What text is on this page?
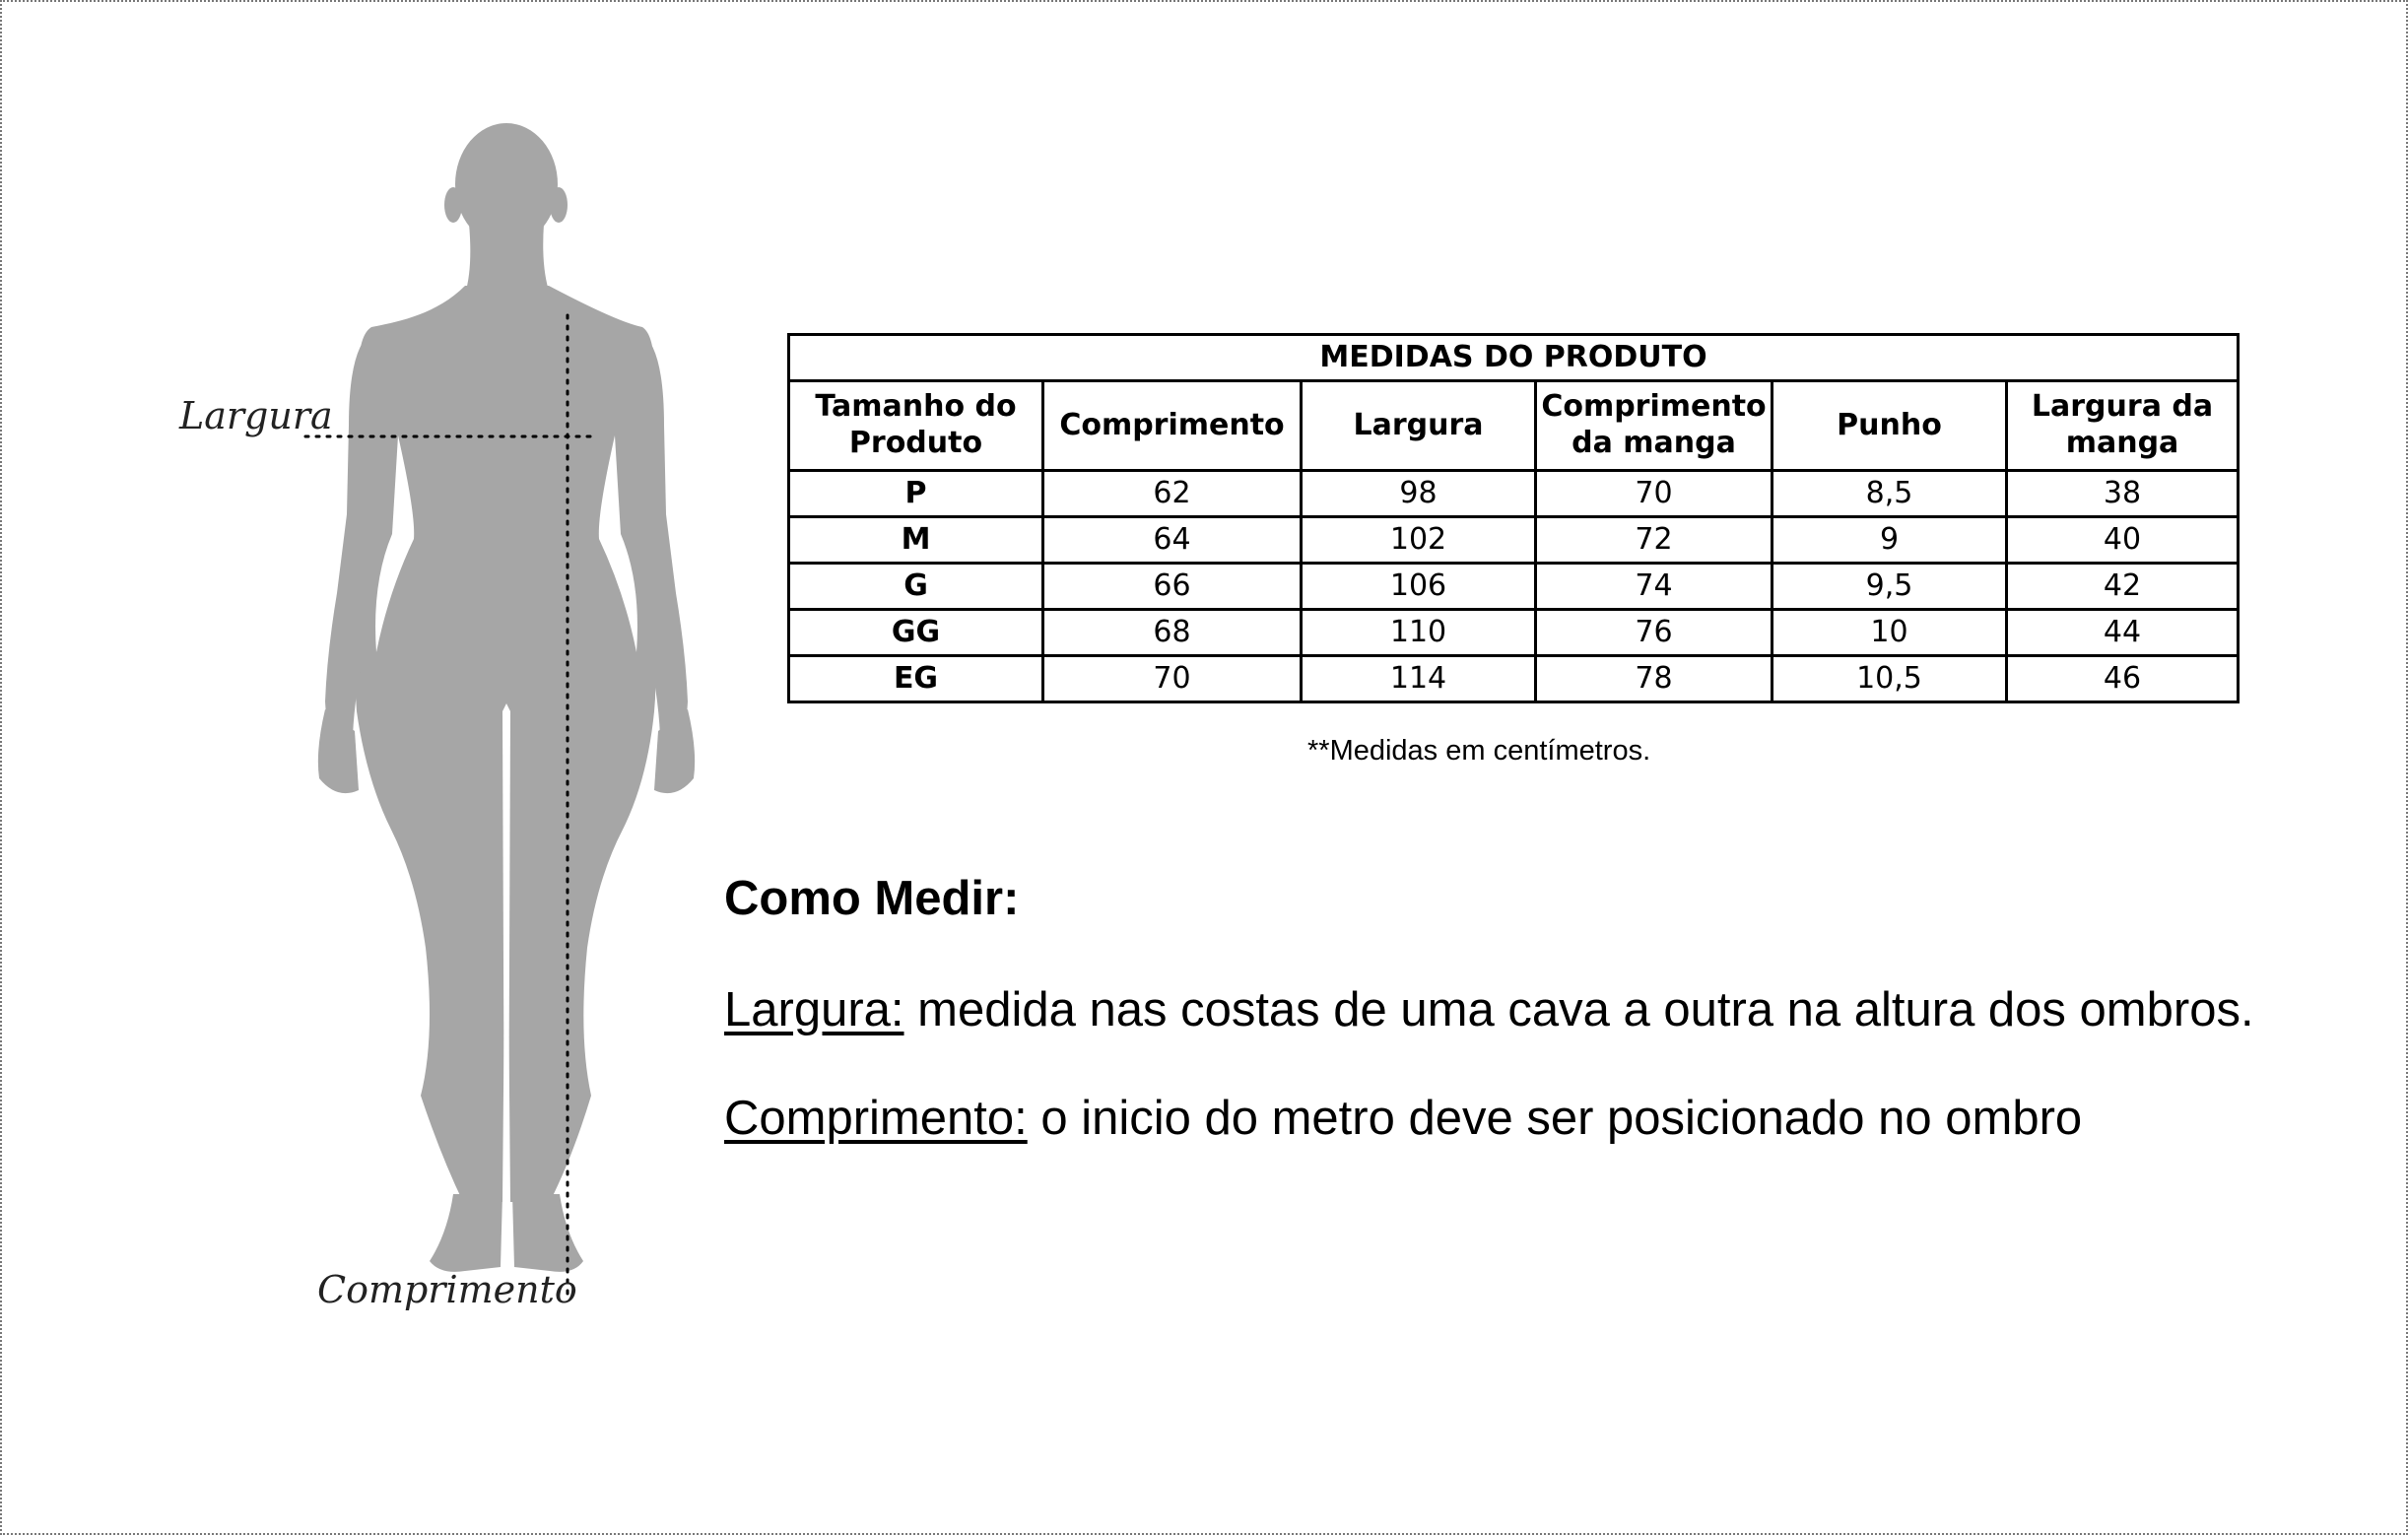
Largura
Comprimento
MEDIDAS DO PRODUTO					
Tamanho do Produto	Comprimento	Largura	Comprimento da manga	Punho	Largura da manga
P	62	98	70	8,5	38
M	64	102	72	9	40
G	66	106	74	9,5	42
GG	68	110	76	10	44
EG	70	114	78	10,5	46
**Medidas em centímetros.
Como Medir:
Largura: medida nas costas de uma cava a outra na altura dos ombros.
Comprimento: o inicio do metro deve ser posicionado no ombro
